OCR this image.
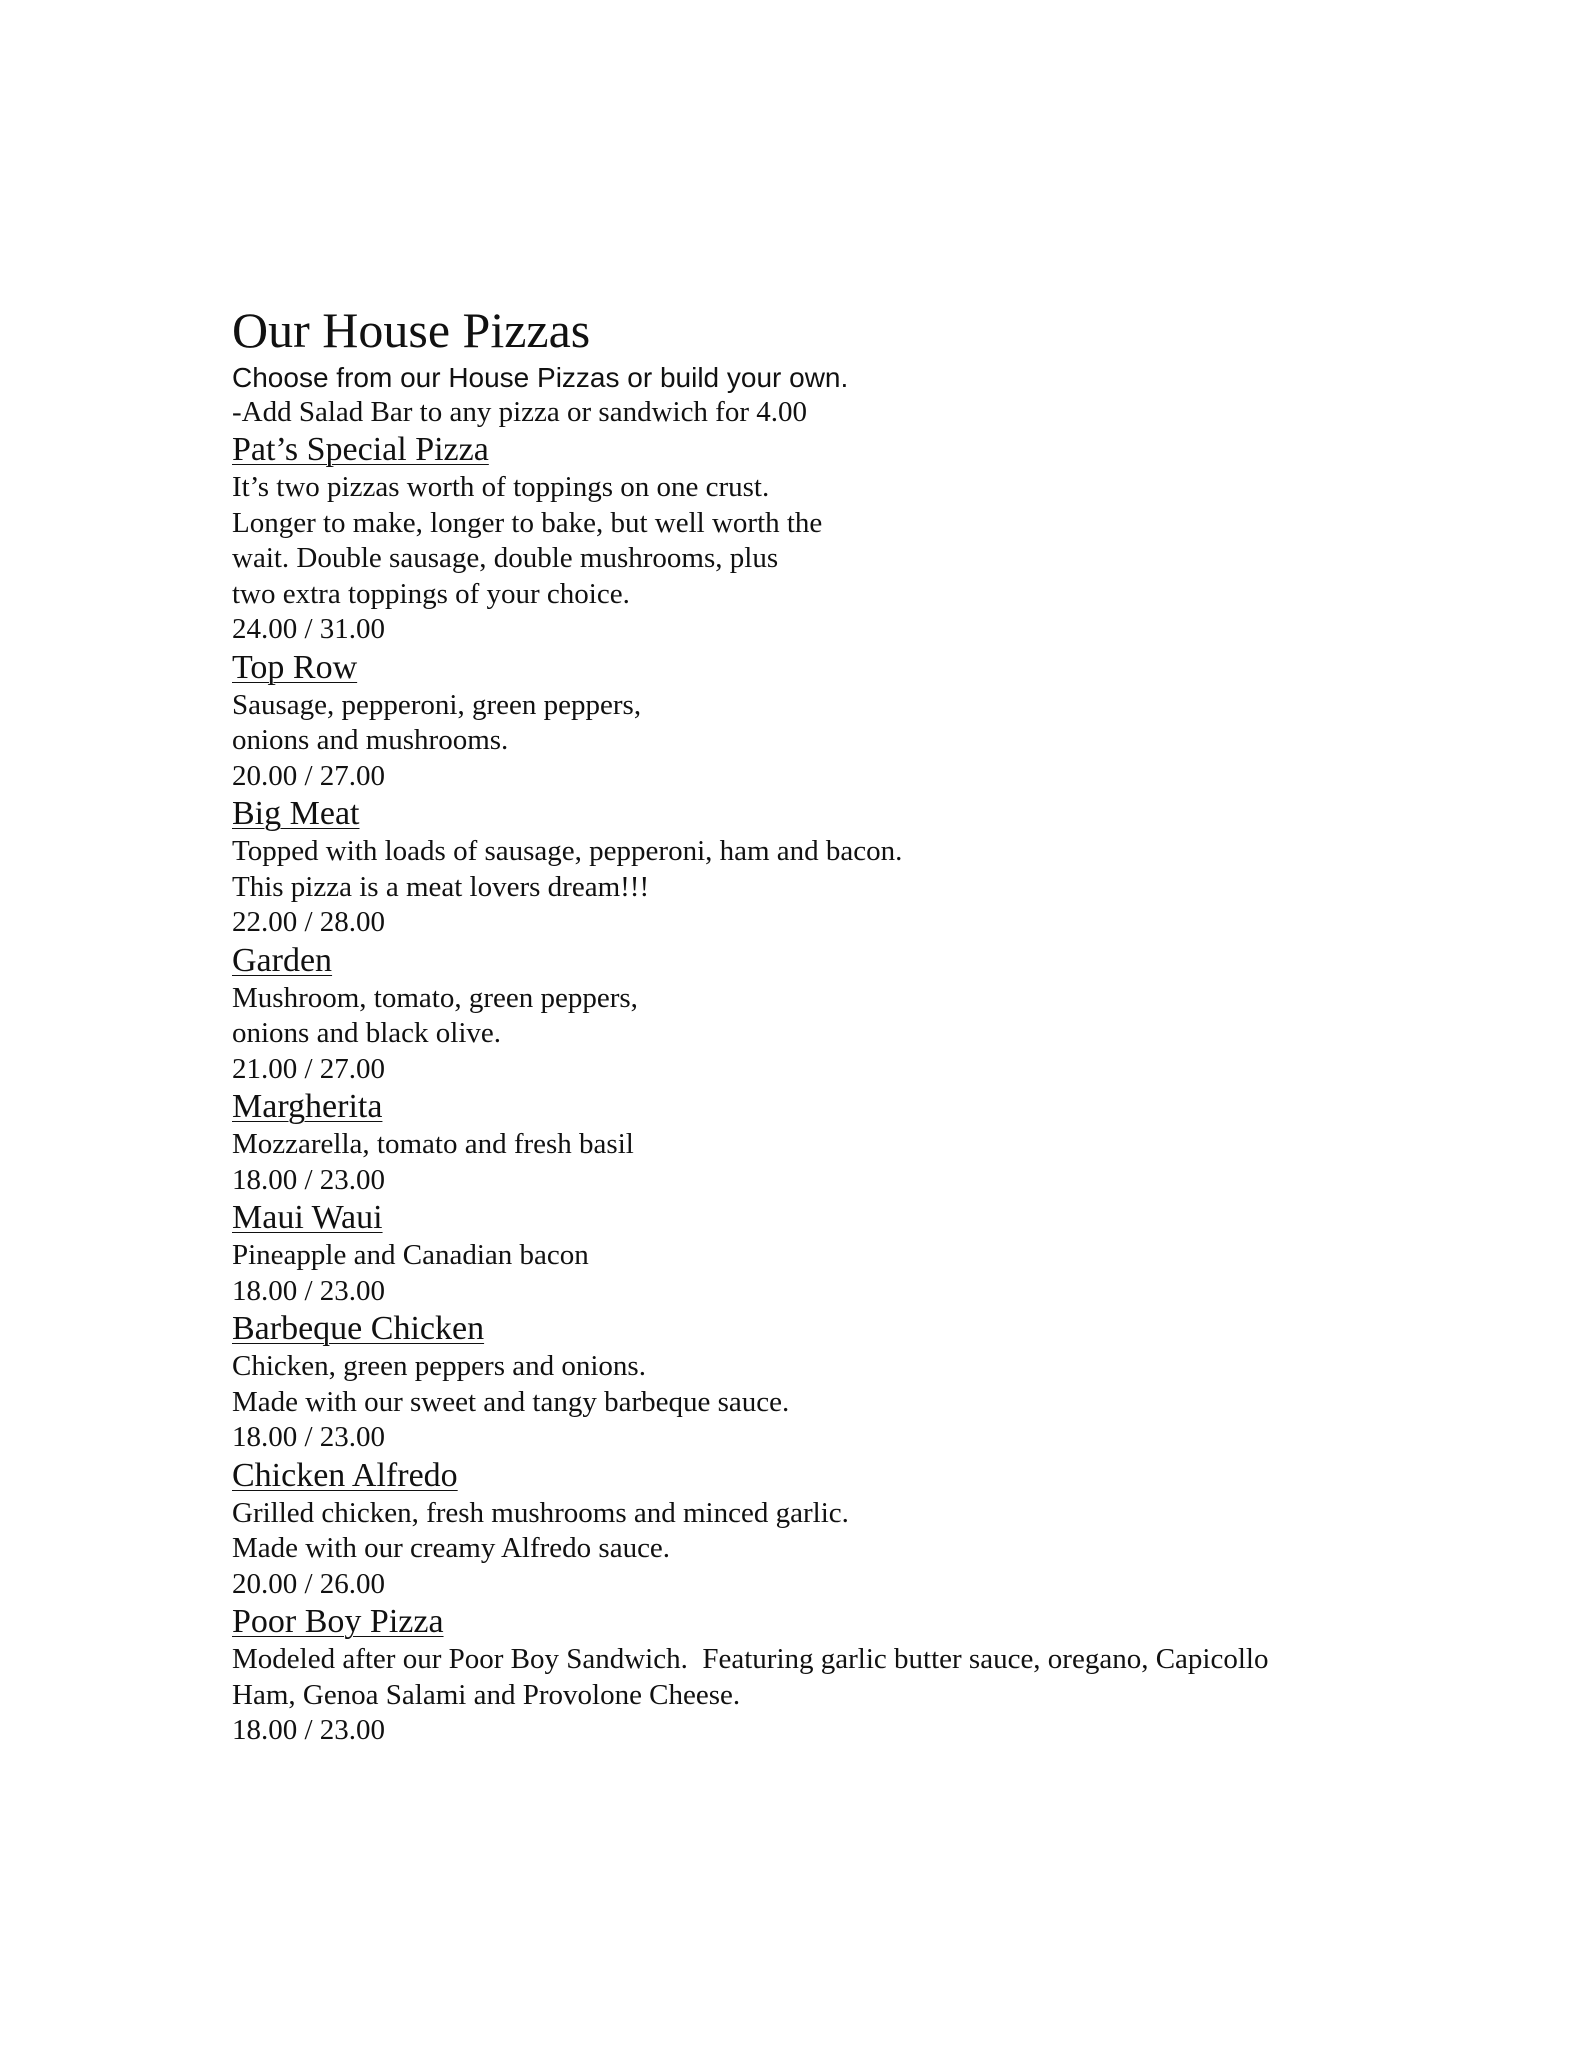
Our House Pizzas

Choose from our House Pizzas or build your own.

-Add Salad Bar to any pizza or sandwich for 4.00

Pat’s Special Pizza

It’s two pizzas worth of toppings on one crust.

Longer to make, longer to bake, but well worth the

wait. Double sausage, double mushrooms, plus

two extra toppings of your choice.

24.00 / 31.00

Top Row

Sausage, pepperoni, green peppers,

onions and mushrooms.

20.00 / 27.00

Big Meat

Topped with loads of sausage, pepperoni, ham and bacon.

This pizza is a meat lovers dream!!!

22.00 / 28.00

Garden

Mushroom, tomato, green peppers,

onions and black olive.

21.00 / 27.00

Margherita

Mozzarella, tomato and fresh basil

18.00 / 23.00

Maui Waui

Pineapple and Canadian bacon

18.00 / 23.00

Barbeque Chicken

Chicken, green peppers and onions.

Made with our sweet and tangy barbeque sauce.

18.00 / 23.00

Chicken Alfredo

Grilled chicken, fresh mushrooms and minced garlic.

Made with our creamy Alfredo sauce.

20.00 / 26.00

Poor Boy Pizza

Modeled after our Poor Boy Sandwich.  Featuring garlic butter sauce, oregano, Capicollo

Ham, Genoa Salami and Provolone Cheese.

18.00 / 23.00
